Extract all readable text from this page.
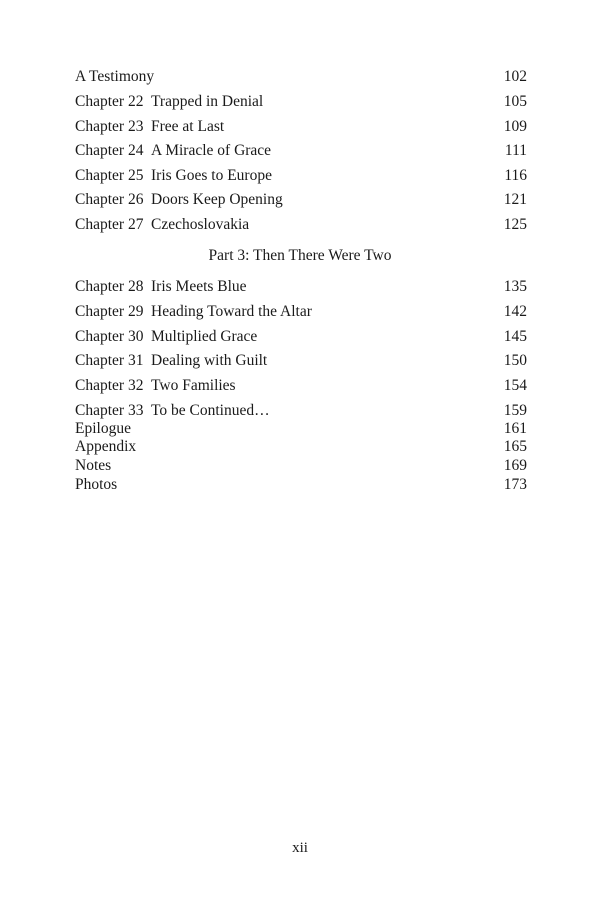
A Testimony	102
Chapter 22 Trapped in Denial	105
Chapter 23 Free at Last	109
Chapter 24 A Miracle of Grace	111
Chapter 25 Iris Goes to Europe	116
Chapter 26 Doors Keep Opening	121
Chapter 27 Czechoslovakia	125
Part 3: Then There Were Two
Chapter 28 Iris Meets Blue	135
Chapter 29 Heading Toward the Altar	142
Chapter 30 Multiplied Grace	145
Chapter 31 Dealing with Guilt	150
Chapter 32 Two Families	154
Chapter 33 To be Continued…	159
Epilogue	161
Appendix	165
Notes	169
Photos	173
xii
